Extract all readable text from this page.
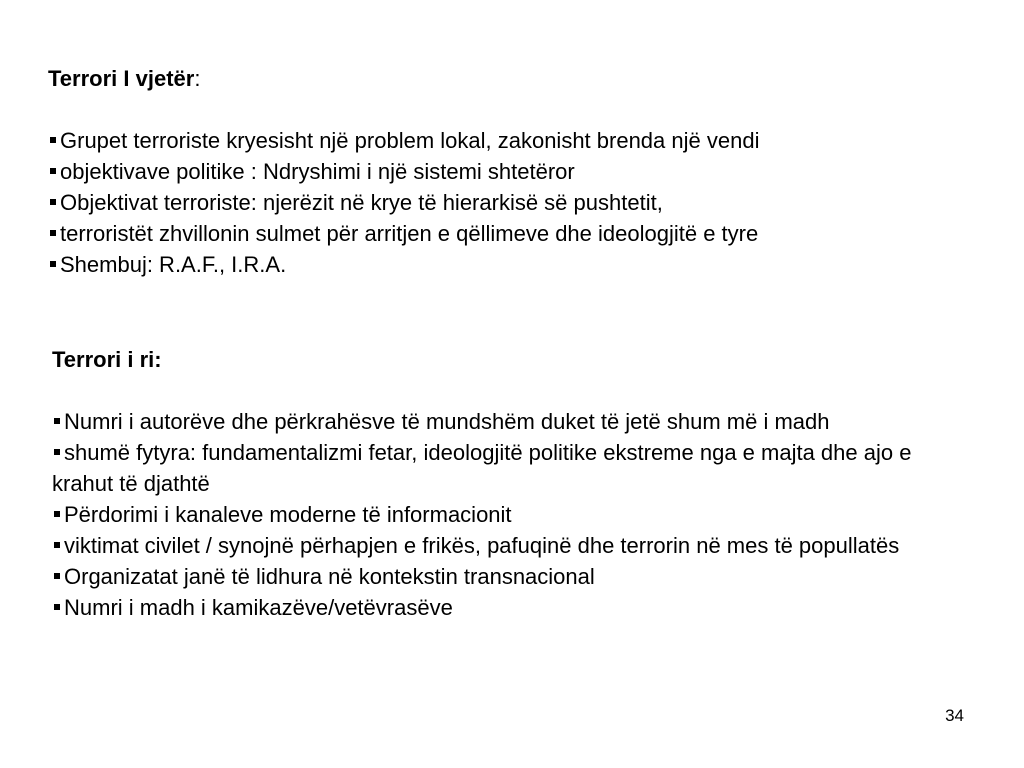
Terrori I vjetër:
Grupet terroriste kryesisht një problem lokal, zakonisht brenda një vendi
objektivave politike : Ndryshimi i një sistemi shtetëror
Objektivat terroriste: njerëzit në krye të hierarkisë së pushtetit,
terroristët zhvillonin sulmet për arritjen e qëllimeve dhe ideologjitë e tyre
Shembuj: R.A.F., I.R.A.
Terrori i ri:
Numri i autorëve dhe përkrahësve të mundshëm duket të jetë shum më i madh
shumë fytyra: fundamentalizmi fetar, ideologjitë politike ekstreme nga e majta dhe ajo e krahut të djathtë
Përdorimi i kanaleve moderne të informacionit
viktimat civilet / synojnë përhapjen e frikës, pafuqinë dhe terrorin në mes të popullatës
Organizatat janë të lidhura në kontekstin transnacional
Numri i madh i kamikazëve/vetëvrasëve
34
